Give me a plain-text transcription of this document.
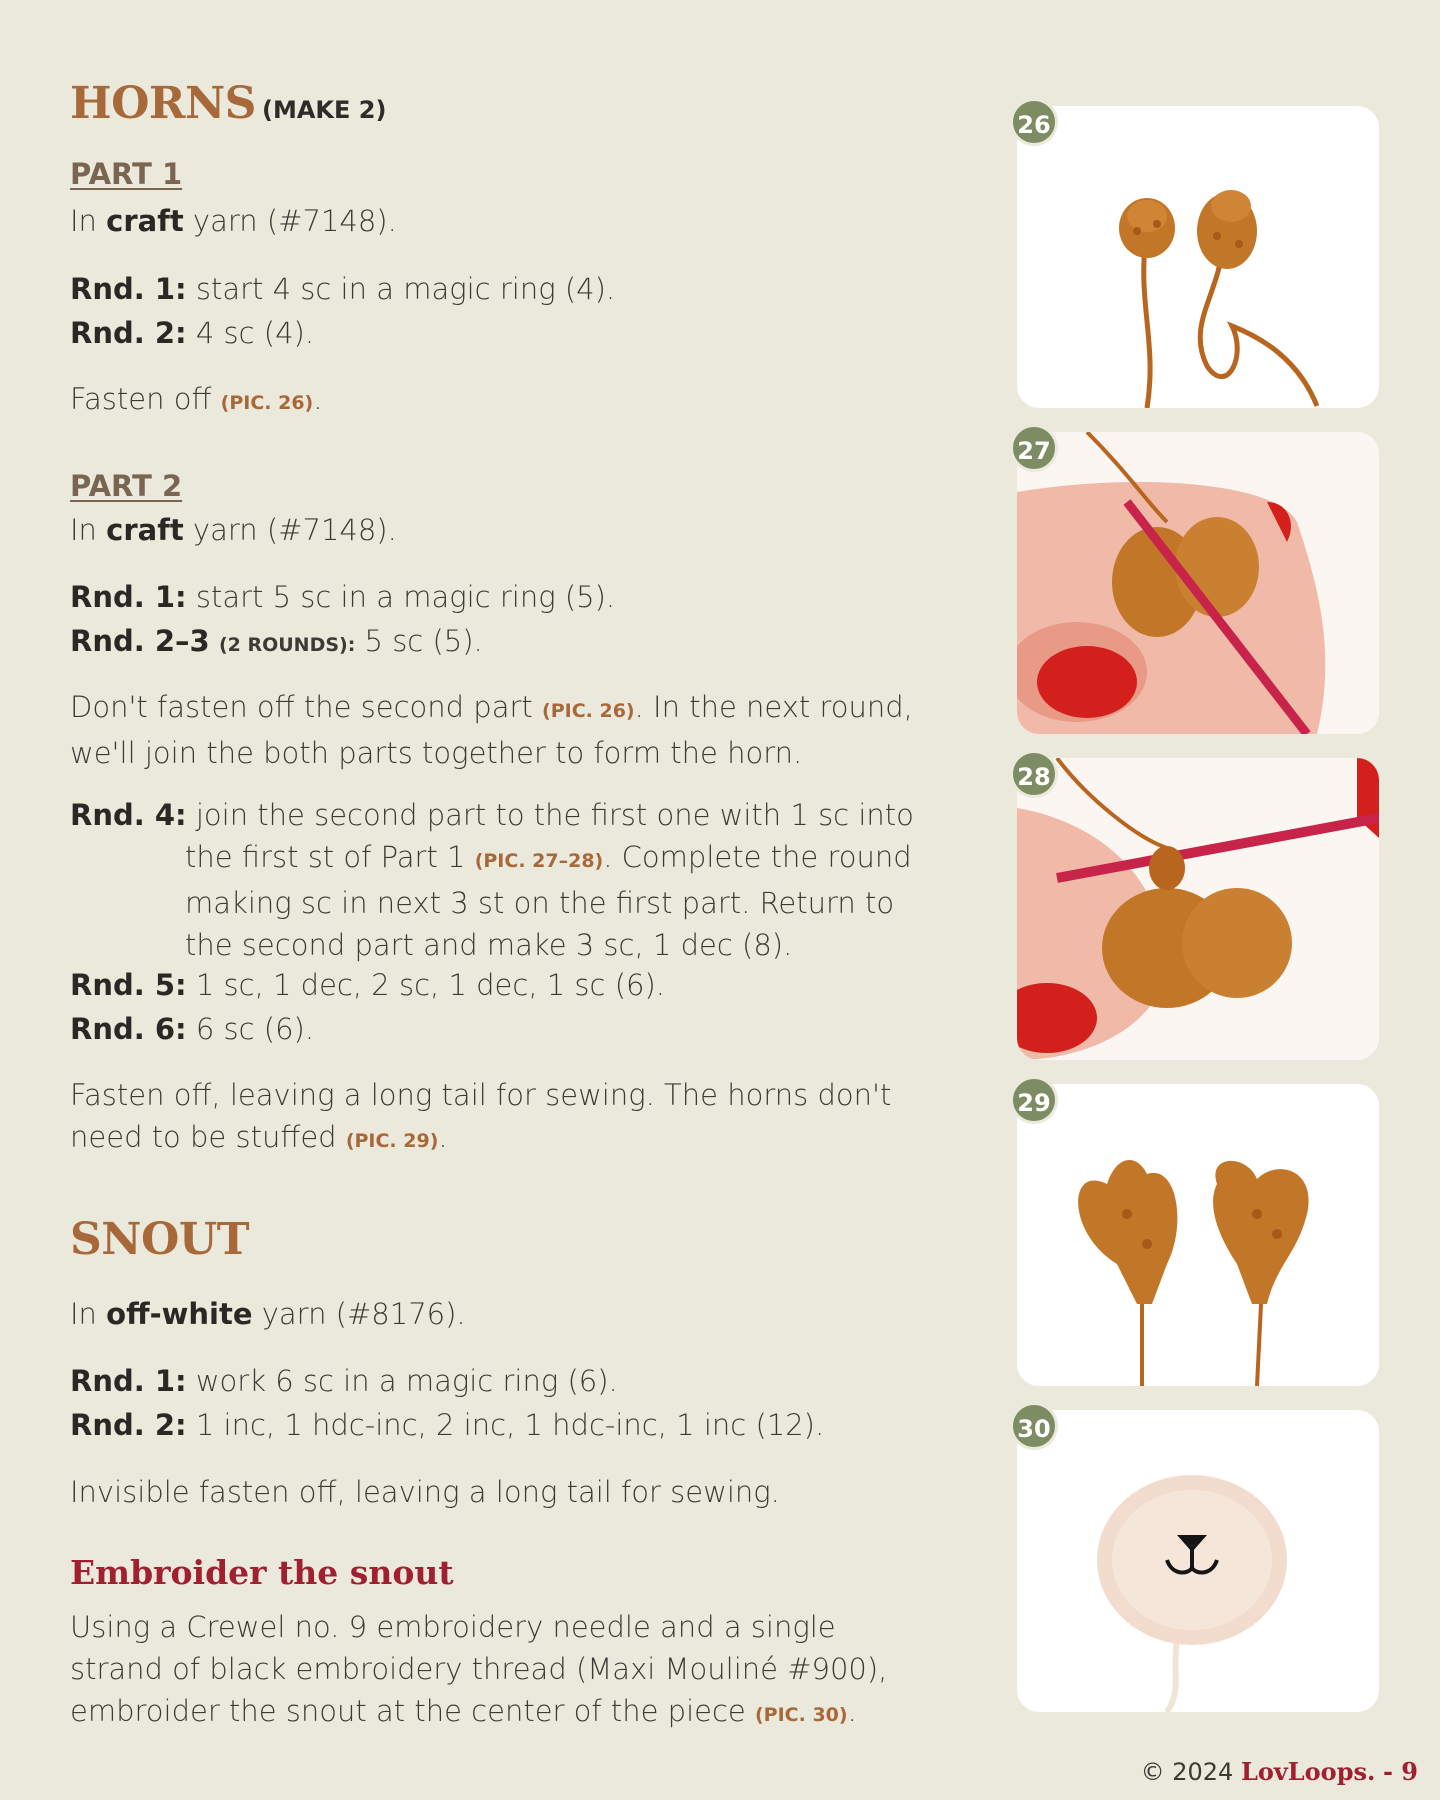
HORNS (MAKE 2)
PART 1
In craft yarn (#7148).
Rnd. 1: start 4 sc in a magic ring (4).
Rnd. 2: 4 sc (4).
Fasten off (PIC. 26).
PART 2
In craft yarn (#7148).
Rnd. 1: start 5 sc in a magic ring (5).
Rnd. 2–3 (2 ROUNDS): 5 sc (5).
Don't fasten off the second part (PIC. 26). In the next round,
we'll join the both parts together to form the horn.
Rnd. 4: join the second part to the first one with 1 sc into
the first st of Part 1 (PIC. 27–28). Complete the round
making sc in next 3 st on the first part. Return to
the second part and make 3 sc, 1 dec (8).
Rnd. 5: 1 sc, 1 dec, 2 sc, 1 dec, 1 sc (6).
Rnd. 6: 6 sc (6).
Fasten off, leaving a long tail for sewing. The horns don't
need to be stuffed (PIC. 29).
SNOUT
In off-white yarn (#8176).
Rnd. 1: work 6 sc in a magic ring (6).
Rnd. 2: 1 inc, 1 hdc-inc, 2 inc, 1 hdc-inc, 1 inc (12).
Invisible fasten off, leaving a long tail for sewing.
Embroider the snout
Using a Crewel no. 9 embroidery needle and a single
strand of black embroidery thread (Maxi Mouliné #900),
embroider the snout at the center of the piece (PIC. 30).
26
27
28
29
30
© 2024 LovLoops. - 9
